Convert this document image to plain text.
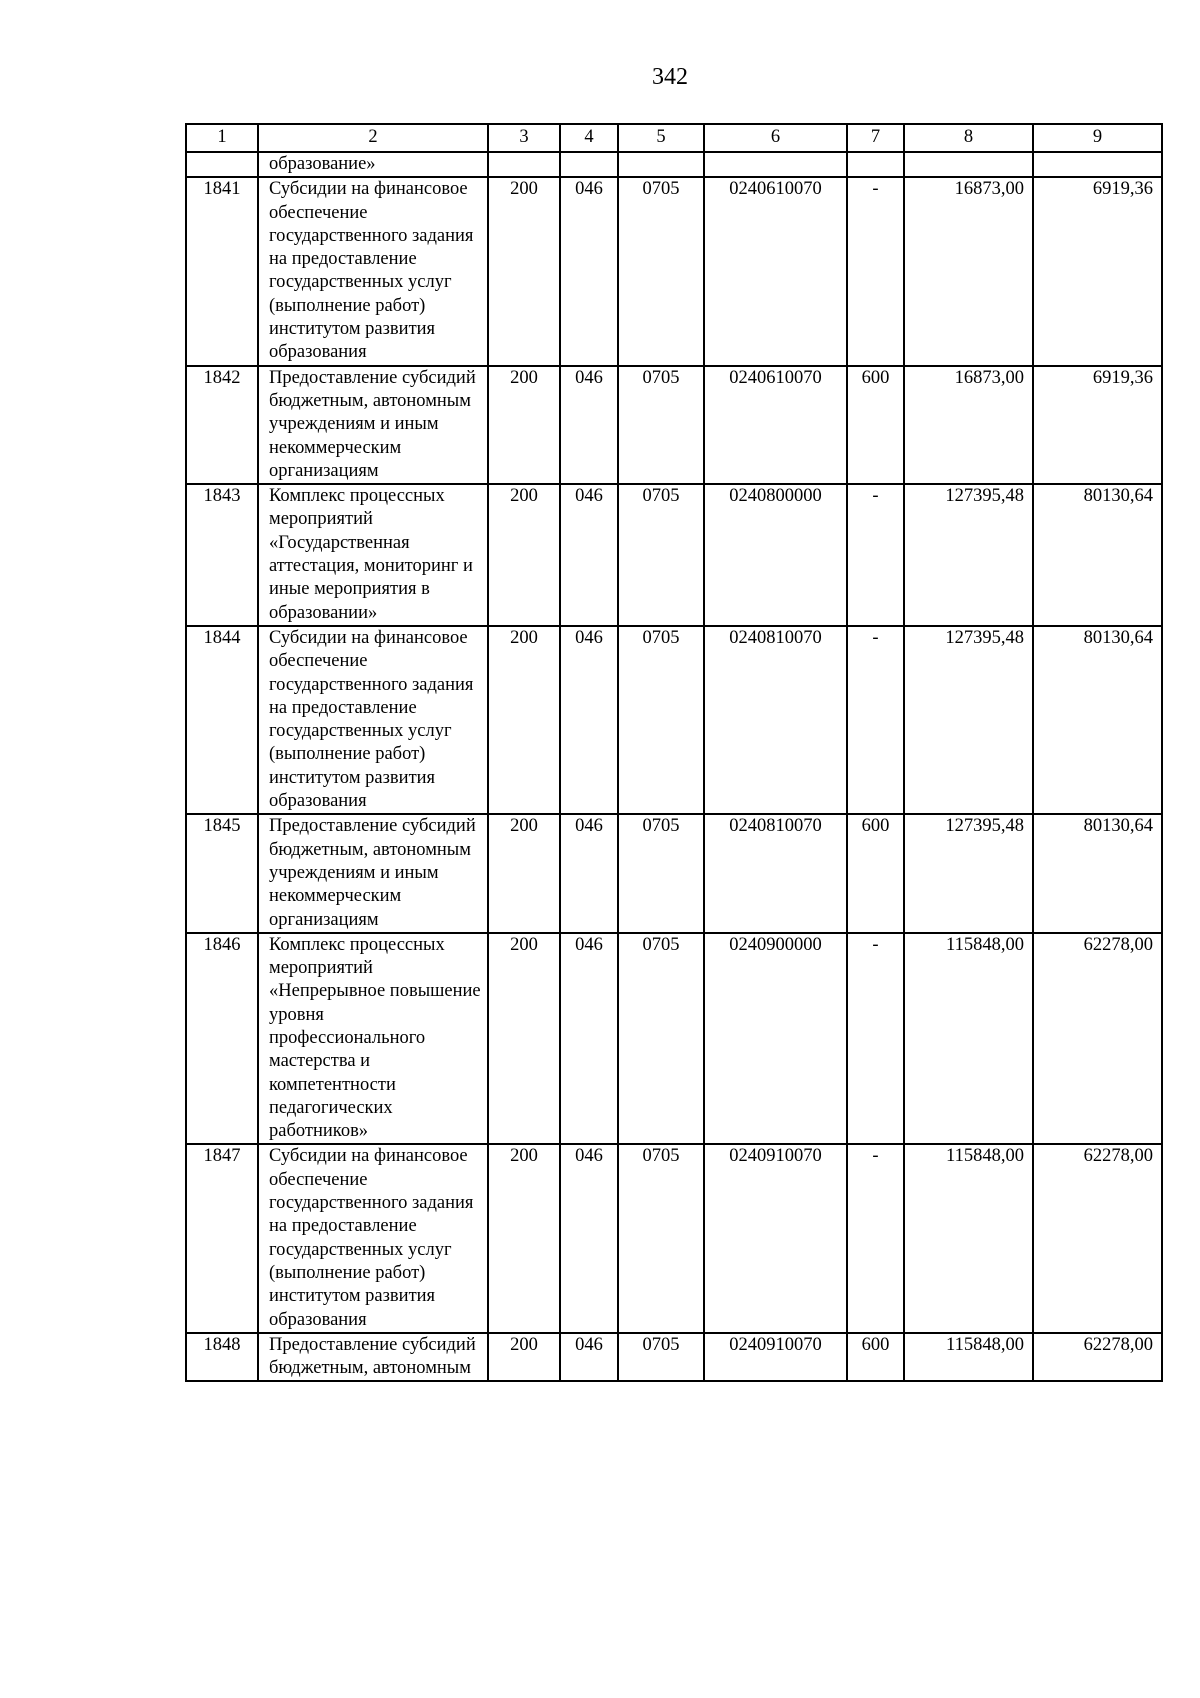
342
1	2	3	4	5	6	7	8	9
	образование»							
1841	Субсидии на финансовое обеспечение государственного задания на предоставление государственных услуг (выполнение работ) институтом развития образования	200	046	0705	0240610070	-	16873,00	6919,36
1842	Предоставление субсидий бюджетным, автономным учреждениям и иным некоммерческим организациям	200	046	0705	0240610070	600	16873,00	6919,36
1843	Комплекс процессных мероприятий «Государственная аттестация, мониторинг и иные мероприятия в образовании»	200	046	0705	0240800000	-	127395,48	80130,64
1844	Субсидии на финансовое обеспечение государственного задания на предоставление государственных услуг (выполнение работ) институтом развития образования	200	046	0705	0240810070	-	127395,48	80130,64
1845	Предоставление субсидий бюджетным, автономным учреждениям и иным некоммерческим организациям	200	046	0705	0240810070	600	127395,48	80130,64
1846	Комплекс процессных мероприятий «Непрерывное повышение уровня профессионального мастерства и компетентности педагогических работников»	200	046	0705	0240900000	-	115848,00	62278,00
1847	Субсидии на финансовое обеспечение государственного задания на предоставление государственных услуг (выполнение работ) институтом развития образования	200	046	0705	0240910070	-	115848,00	62278,00
1848	Предоставление субсидий бюджетным, автономным	200	046	0705	0240910070	600	115848,00	62278,00
